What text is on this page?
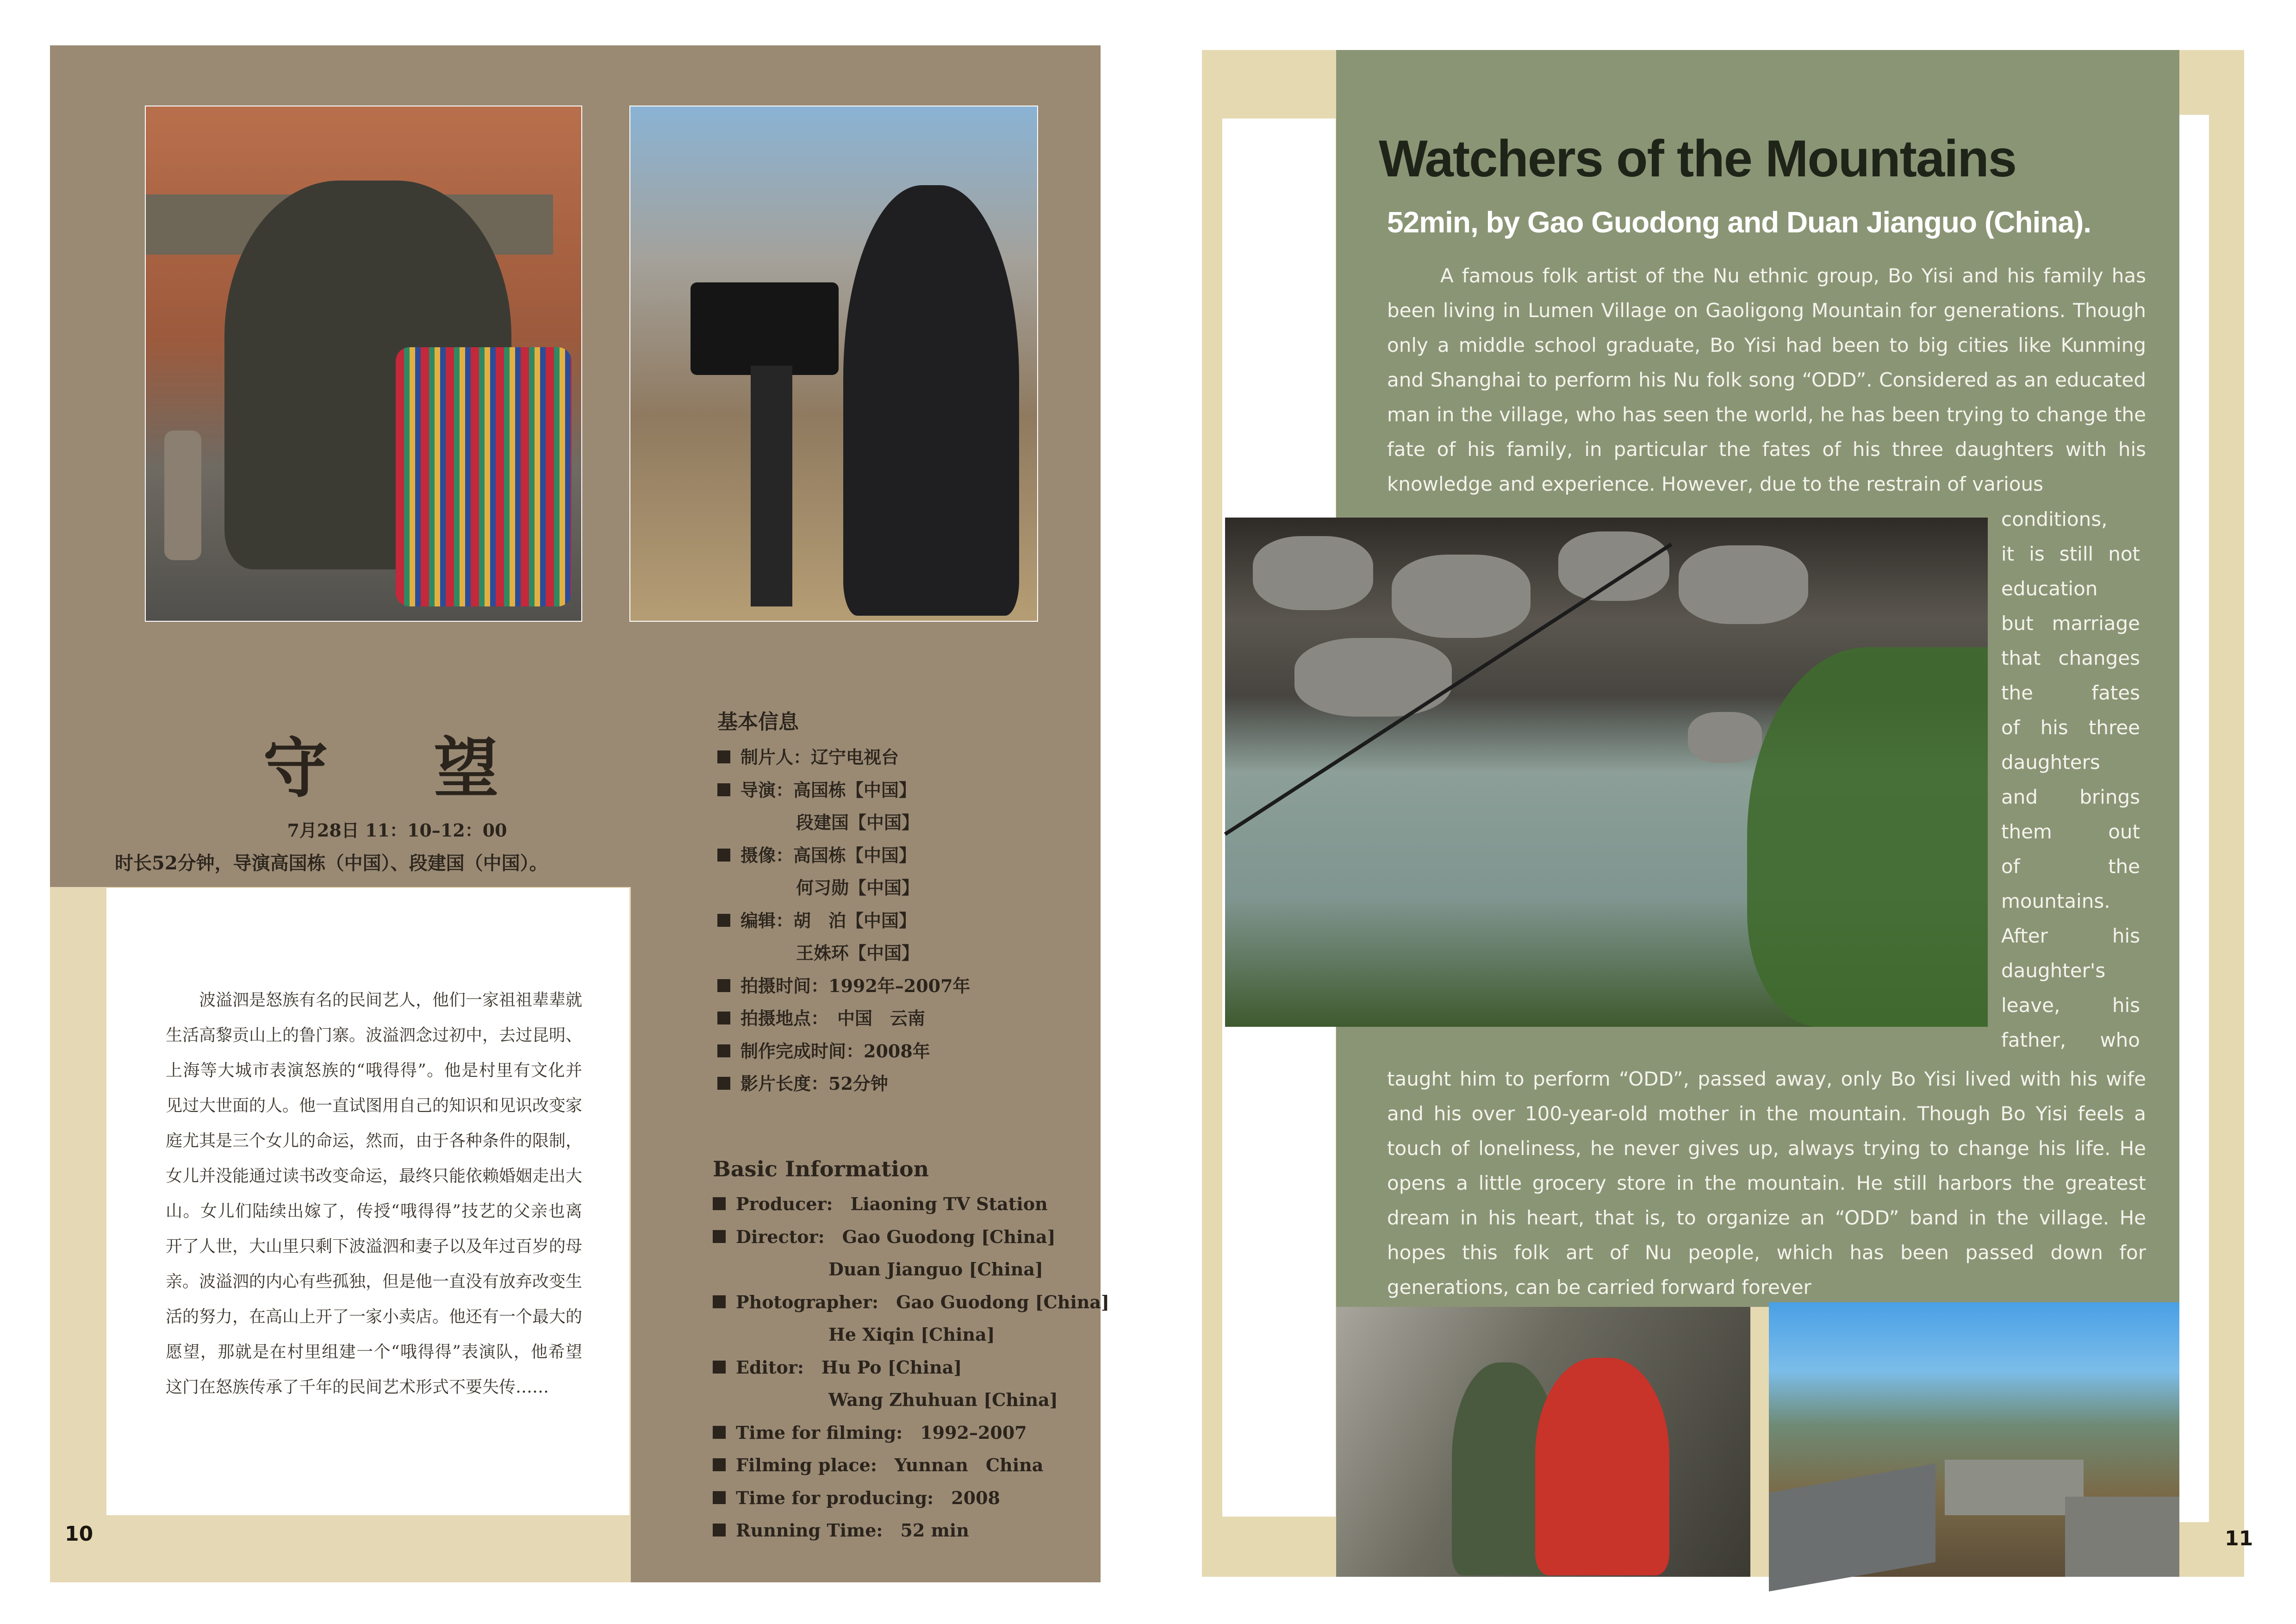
守 望
7月28日 11：10–12：00
时长52分钟，导演高国栋（中国）、段建国（中国）。

波溢泗是怒族有名的民间艺人，他们一家祖祖辈辈就生活高黎贡山上的鲁门寨。波溢泗念过初中，去过昆明、上海等大城市表演怒族的“哦得得”。他是村里有文化并见过大世面的人。他一直试图用自己的知识和见识改变家庭尤其是三个女儿的命运，然而，由于各种条件的限制，女儿并没能通过读书改变命运，最终只能依赖婚姻走出大山。女儿们陆续出嫁了，传授“哦得得”技艺的父亲也离开了人世，大山里只剩下波溢泗和妻子以及年过百岁的母亲。波溢泗的内心有些孤独，但是他一直没有放弃改变生活的努力，在高山上开了一家小卖店。他还有一个最大的愿望，那就是在村里组建一个“哦得得”表演队，他希望这门在怒族传承了千年的民间艺术形式不要失传……

基本信息
制片人：辽宁电视台
导演：高国栋【中国】
段建国【中国】
摄像：高国栋【中国】
何习勋【中国】
编辑：胡　泊【中国】
王姝环【中国】
拍摄时间：1992年–2007年
拍摄地点：　中国　云南
制作完成时间：2008年
影片长度：52分钟
Basic Information
Producer:　Liaoning TV Station
Director:　Gao Guodong [China]
Duan Jianguo [China]
Photographer:　Gao Guodong [China]
He Xiqin [China]
Editor:　Hu Po [China]
Wang Zhuhuan [China]
Time for filming:　1992–2007
Filming place:　Yunnan　China
Time for producing:　2008
Running Time:　52 min
10
Watchers of the Mountains
52min, by Gao Guodong and Duan Jianguo (China).
A famous folk artist of the Nu ethnic group, Bo Yisi and his family has been living in Lumen Village on Gaoligong Mountain for generations. Though only a middle school graduate, Bo Yisi had been to big cities like Kunming and Shanghai to perform his Nu folk song “ODD”. Considered as an educated man in the village, who has seen the world, he has been trying to change the fate of his family, in particular the fates of his three daughters with his knowledge and experience. However, due to the restrain of various
conditions,
it is still not
education
but marriage
that changes
the fates
of his three
daughters
and brings
them out
of the
mountains.
After his
daughter's
leave, his
father, who
taught him to perform “ODD”, passed away, only Bo Yisi lived with his wife and his over 100-year-old mother in the mountain. Though Bo Yisi feels a touch of loneliness, he never gives up, always trying to change his life. He opens a little grocery store in the mountain. He still harbors the greatest dream in his heart, that is, to organize an “ODD” band in the village. He hopes this folk art of Nu people, which has been passed down for generations, can be carried forward forever
11
